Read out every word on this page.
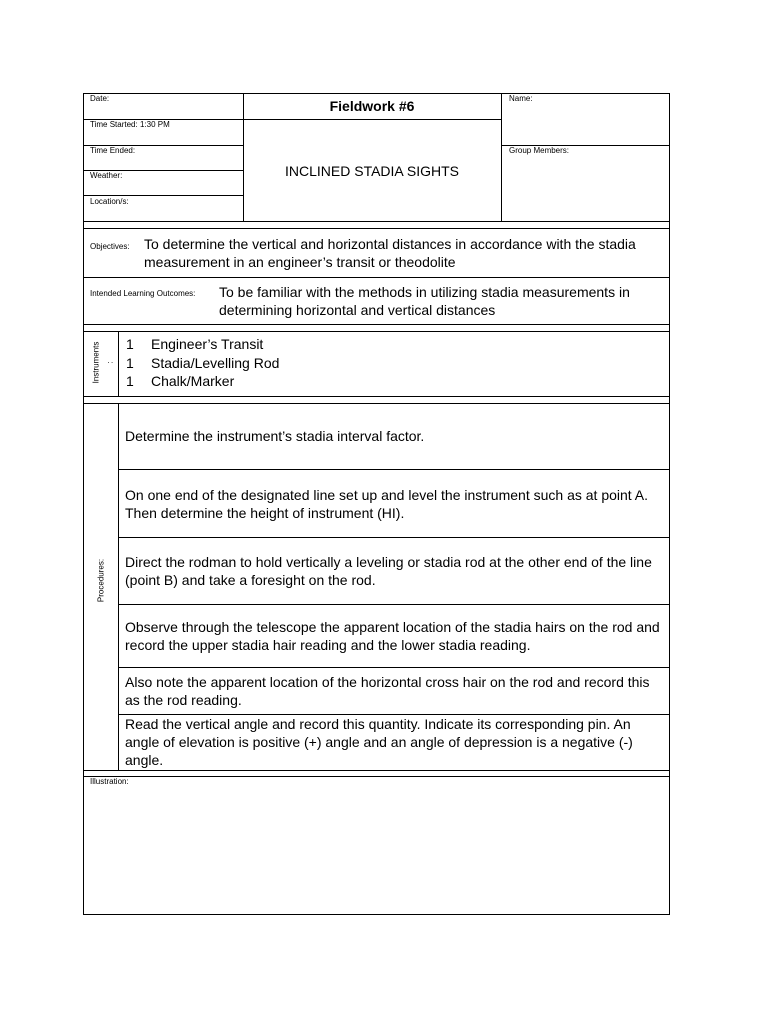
Date:
Time Started: 1:30 PM
Time Ended:
Weather:
Location/s:
Fieldwork #6
INCLINED STADIA SIGHTS
Name:
Group Members:
Objectives: To determine the vertical and horizontal distances in accordance with the stadia measurement in an engineer’s transit or theodolite
Intended Learning Outcomes: To be familiar with the methods in utilizing stadia measurements in determining horizontal and vertical distances
Instruments :
1 Engineer’s Transit
1 Stadia/Levelling Rod
1 Chalk/Marker
Procedures:
Determine the instrument’s stadia interval factor.
On one end of the designated line set up and level the instrument such as at point A. Then determine the height of instrument (HI).
Direct the rodman to hold vertically a leveling or stadia rod at the other end of the line (point B) and take a foresight on the rod.
Observe through the telescope the apparent location of the stadia hairs on the rod and record the upper stadia hair reading and the lower stadia reading.
Also note the apparent location of the horizontal cross hair on the rod and record this as the rod reading.
Read the vertical angle and record this quantity. Indicate its corresponding pin. An angle of elevation is positive (+) angle and an angle of depression is a negative (-) angle.
Illustration:
